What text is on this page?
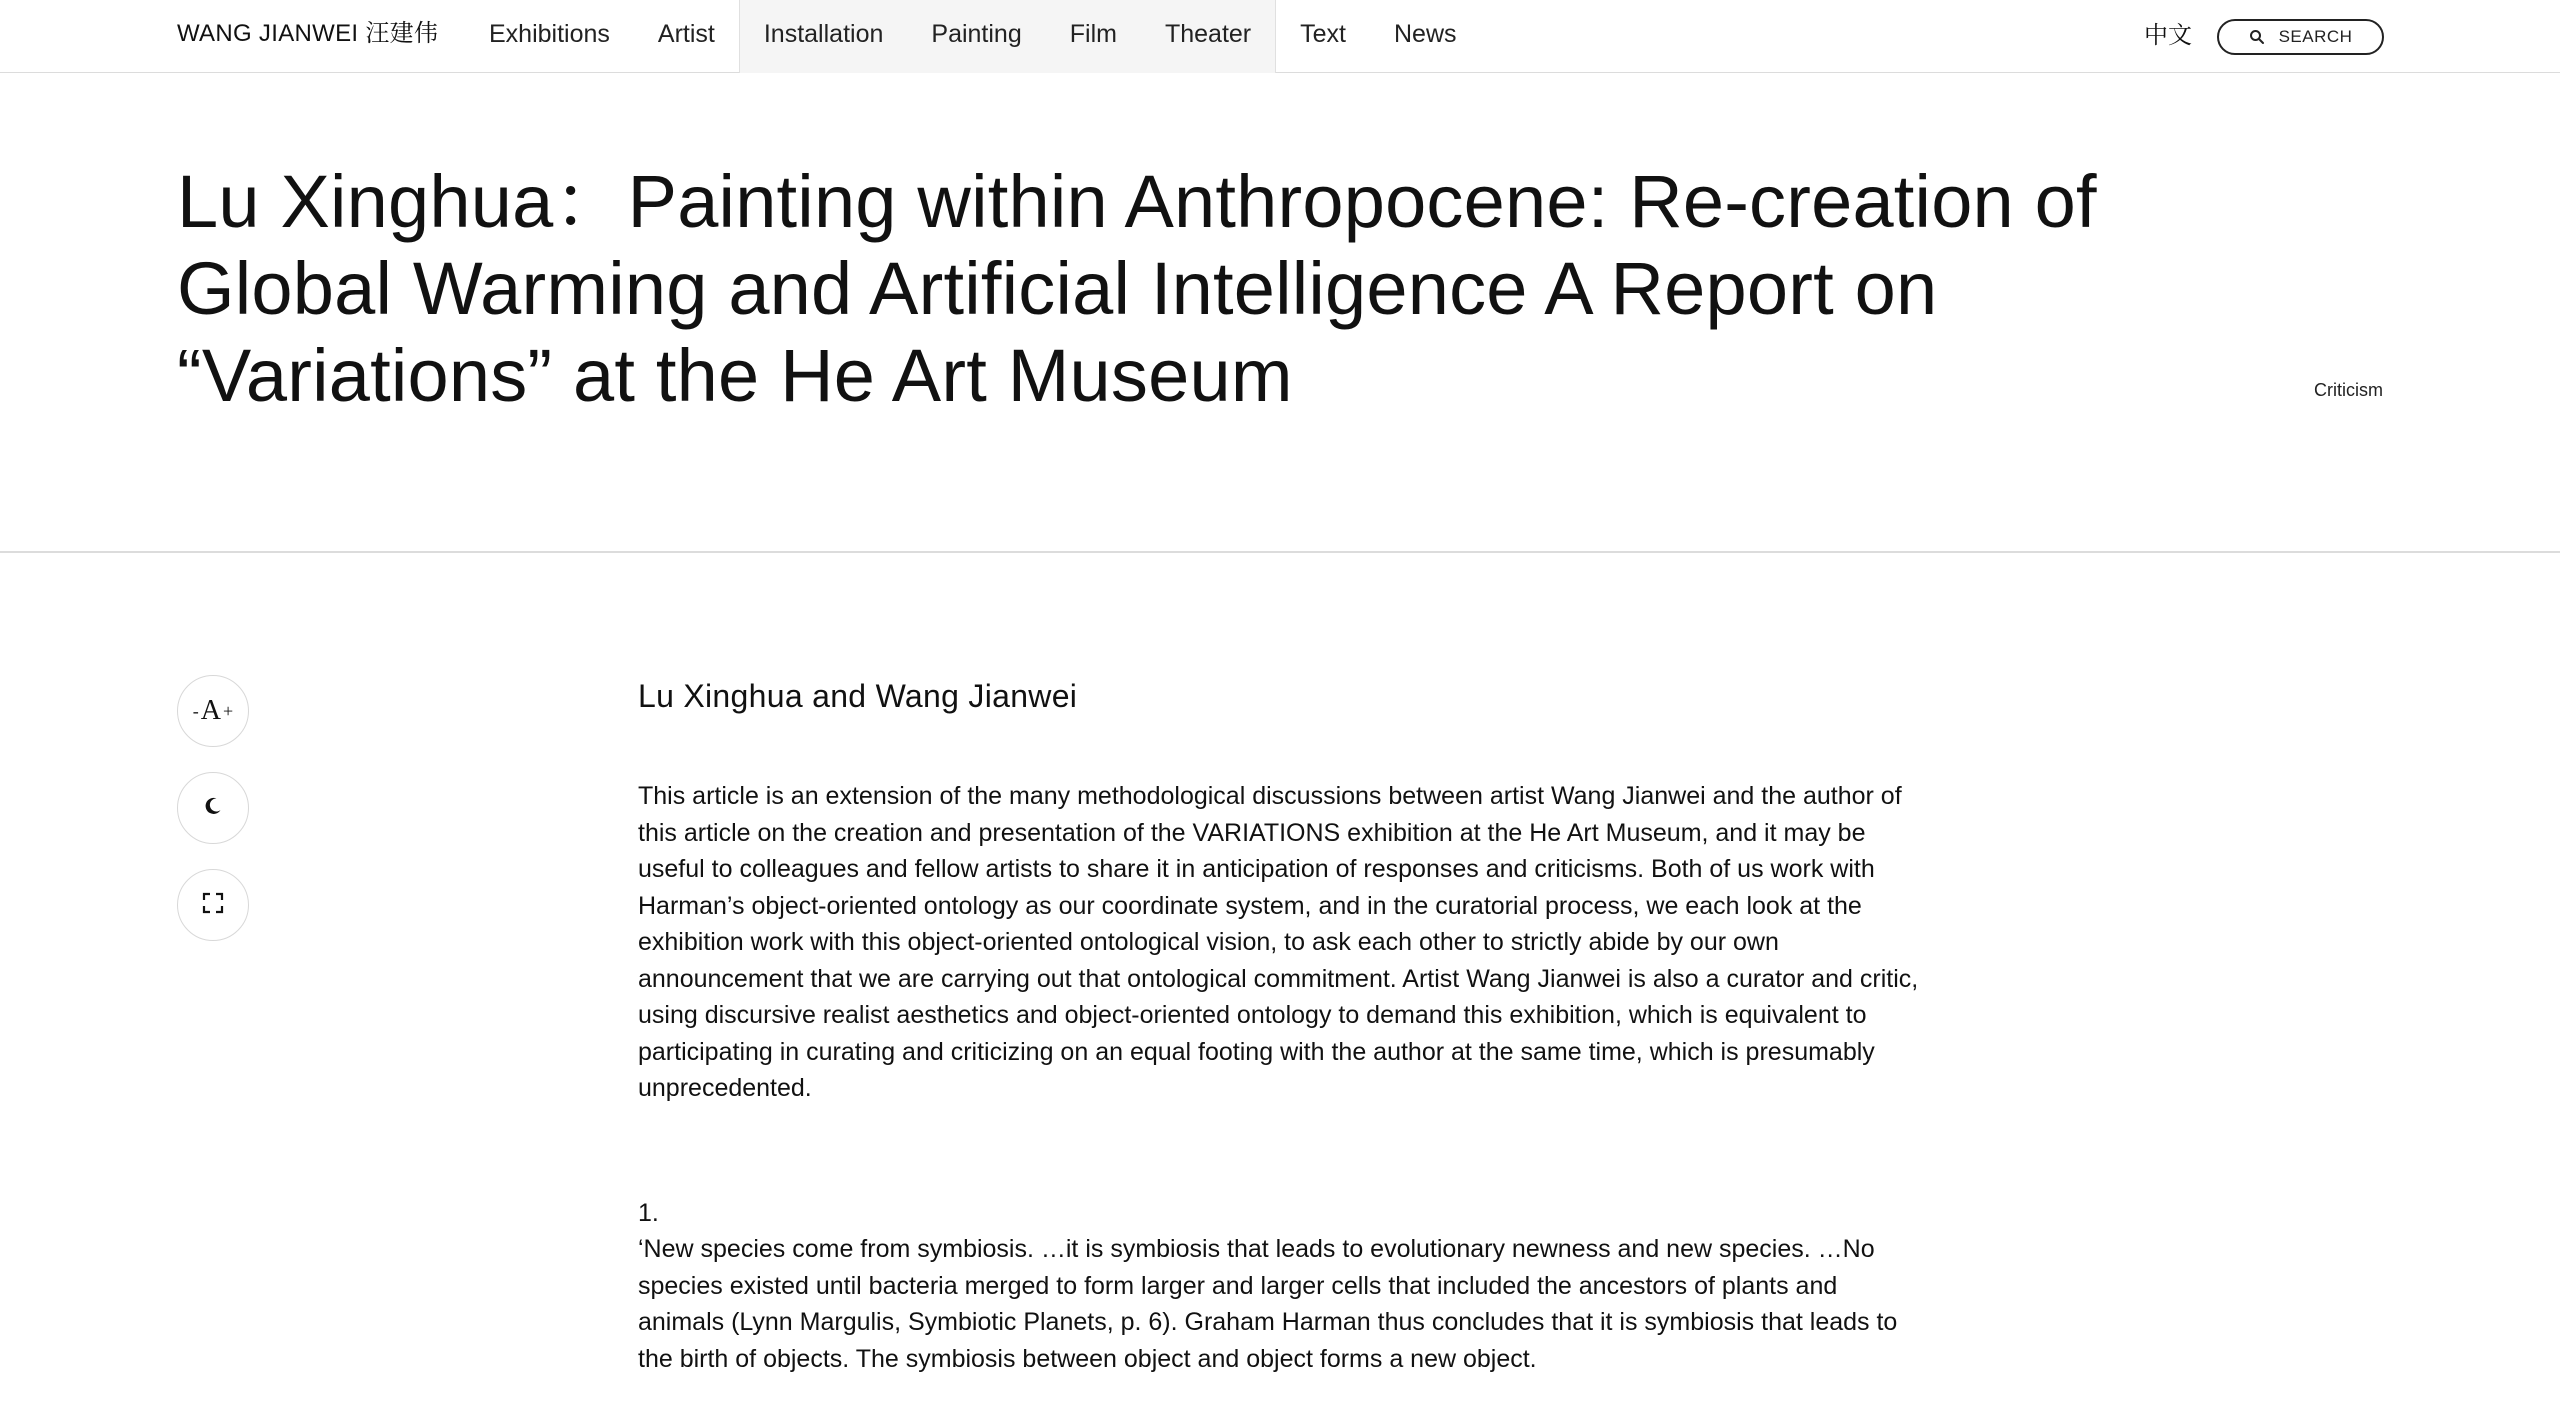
WANG JIANWEI 汪建伟	Exhibitions	Artist	Installation	Painting	Film	Theater	Text	News	中文	SEARCH
Lu Xinghua：Painting within Anthropocene: Re-creation of Global Warming and Artificial Intelligence A Report on “Variations” at the He Art Museum	Criticism
- A +	Lu Xinghua and Wang Jianwei

This article is an extension of the many methodological discussions between artist Wang Jianwei and the author of this article on the creation and presentation of the VARIATIONS exhibition at the He Art Museum, and it may be useful to colleagues and fellow artists to share it in anticipation of responses and criticisms. Both of us work with Harman’s object-oriented ontology as our coordinate system, and in the curatorial process, we each look at the exhibition work with this object-oriented ontological vision, to ask each other to strictly abide by our own announcement that we are carrying out that ontological commitment. Artist Wang Jianwei is also a curator and critic, using discursive realist aesthetics and object-oriented ontology to demand this exhibition, which is equivalent to participating in curating and criticizing on an equal footing with the author at the same time, which is presumably unprecedented.

1.

‘New species come from symbiosis. …it is symbiosis that leads to evolutionary newness and new species. …No species existed until bacteria merged to form larger and larger cells that included the ancestors of plants and animals (Lynn Margulis, Symbiotic Planets, p. 6). Graham Harman thus concludes that it is symbiosis that leads to the birth of objects. The symbiosis between object and object forms a new object.
